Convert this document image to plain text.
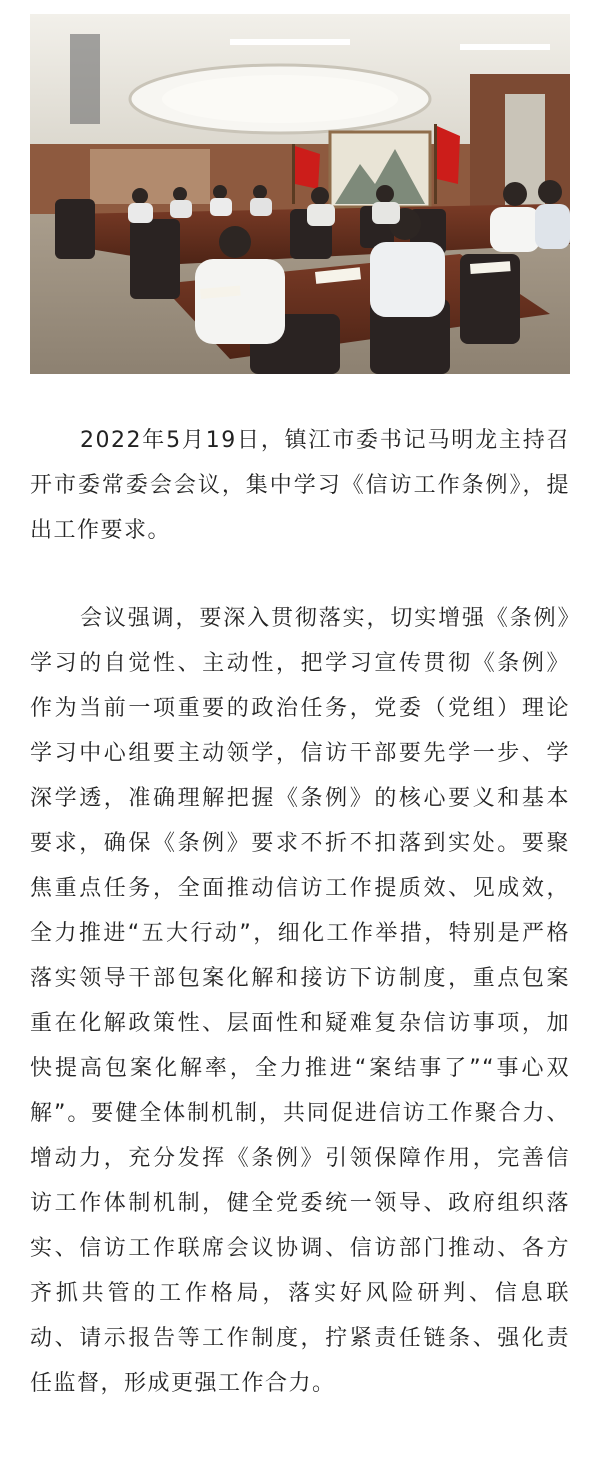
2022年5月19日，镇江市委书记马明龙主持召开市委常委会会议，集中学习《信访工作条例》，提出工作要求。

会议强调，要深入贯彻落实，切实增强《条例》学习的自觉性、主动性，把学习宣传贯彻《条例》作为当前一项重要的政治任务，党委（党组）理论学习中心组要主动领学，信访干部要先学一步、学深学透，准确理解把握《条例》的核心要义和基本要求，确保《条例》要求不折不扣落到实处。要聚焦重点任务，全面推动信访工作提质效、见成效，全力推进“五大行动”，细化工作举措，特别是严格落实领导干部包案化解和接访下访制度，重点包案重在化解政策性、层面性和疑难复杂信访事项，加快提高包案化解率，全力推进“案结事了”“事心双解”。要健全体制机制，共同促进信访工作聚合力、增动力，充分发挥《条例》引领保障作用，完善信访工作体制机制，健全党委统一领导、政府组织落实、信访工作联席会议协调、信访部门推动、各方齐抓共管的工作格局，落实好风险研判、信息联动、请示报告等工作制度，拧紧责任链条、强化责任监督，形成更强工作合力。
